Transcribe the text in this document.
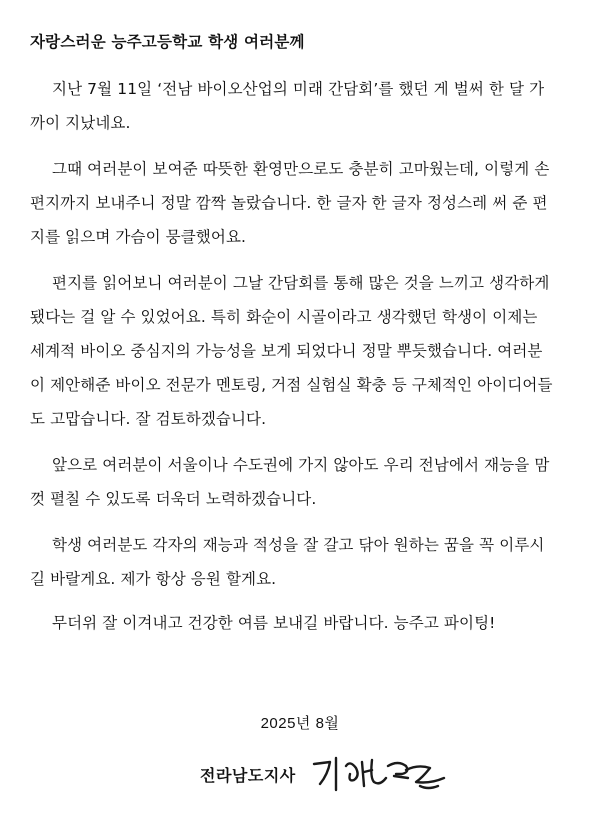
자랑스러운 능주고등학교 학생 여러분께

지난 7월 11일 ‘전남 바이오산업의 미래 간담회’를 했던 게 벌써 한 달 가까이 지났네요.

그때 여러분이 보여준 따뜻한 환영만으로도 충분히 고마웠는데, 이렇게 손 편지까지 보내주니 정말 깜짝 놀랐습니다. 한 글자 한 글자 정성스레 써 준 편지를 읽으며 가슴이 뭉클했어요.

편지를 읽어보니 여러분이 그날 간담회를 통해 많은 것을 느끼고 생각하게 됐다는 걸 알 수 있었어요. 특히 화순이 시골이라고 생각했던 학생이 이제는 세계적 바이오 중심지의 가능성을 보게 되었다니 정말 뿌듯했습니다. 여러분이 제안해준 바이오 전문가 멘토링, 거점 실험실 확충 등 구체적인 아이디어들도 고맙습니다. 잘 검토하겠습니다.

앞으로 여러분이 서울이나 수도권에 가지 않아도 우리 전남에서 재능을 맘껏 펼칠 수 있도록 더욱더 노력하겠습니다.

학생 여러분도 각자의 재능과 적성을 잘 갈고 닦아 원하는 꿈을 꼭 이루시길 바랄게요. 제가 항상 응원 할게요.

무더위 잘 이겨내고 건강한 여름 보내길 바랍니다. 능주고 파이팅!

2025년 8월
전라남도지사
